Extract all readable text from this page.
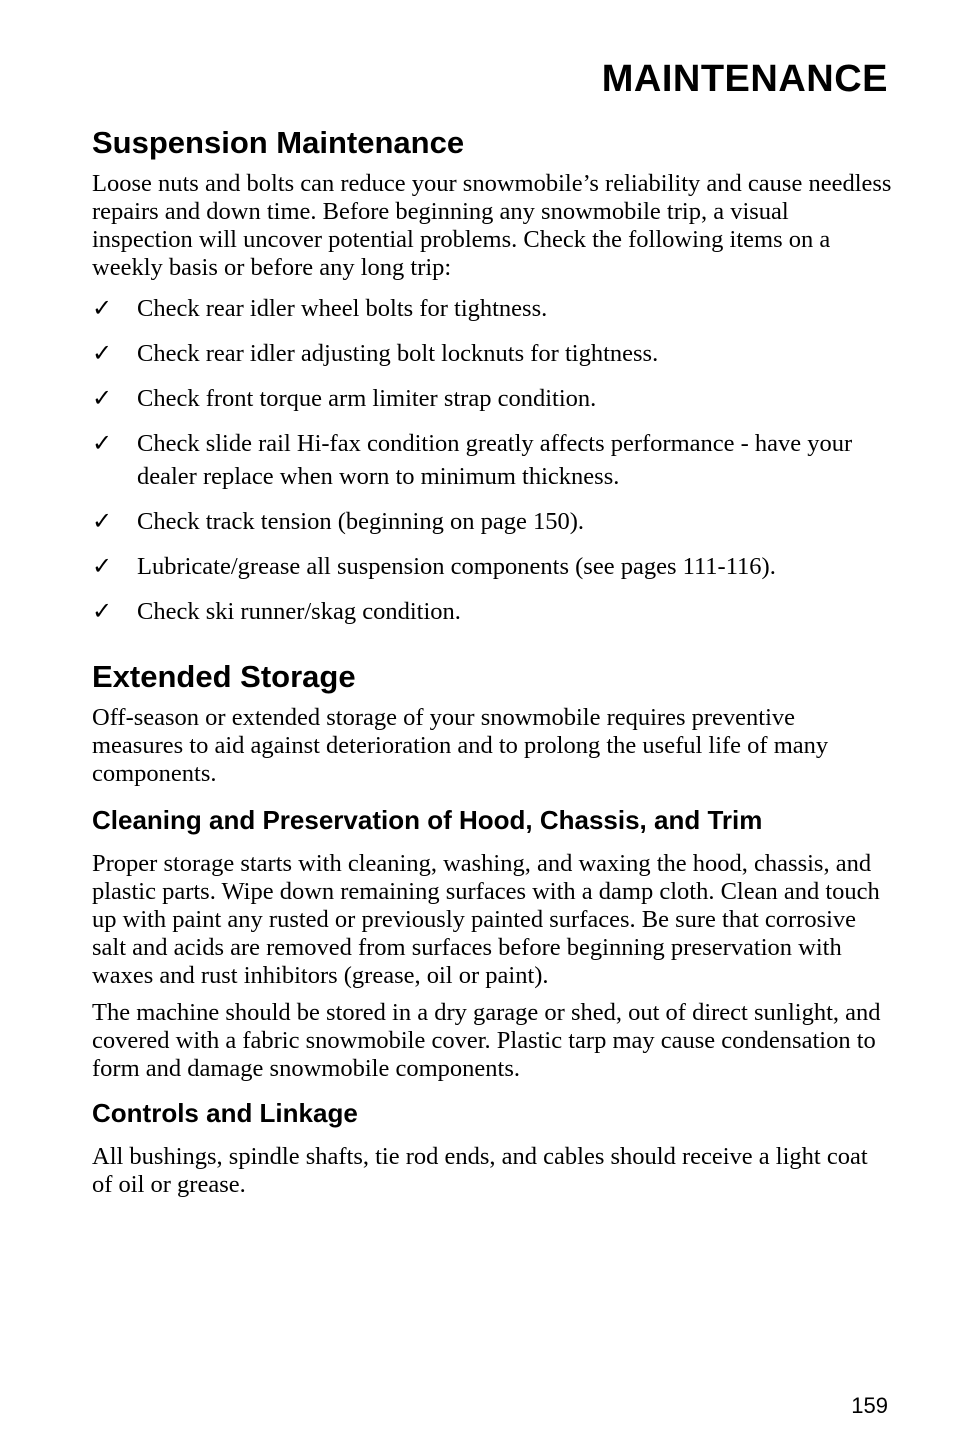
MAINTENANCE
Suspension Maintenance

Loose nuts and bolts can reduce your snowmobile’s reliability and cause needless repairs and down time. Before beginning any snowmobile trip, a visual inspection will uncover potential problems. Check the following items on a weekly basis or before any long trip:

✓ Check rear idler wheel bolts for tightness.
✓ Check rear idler adjusting bolt locknuts for tightness.
✓ Check front torque arm limiter strap condition.
✓ Check slide rail Hi-fax condition greatly affects performance - have your dealer replace when worn to minimum thickness.
✓ Check track tension (beginning on page 150).
✓ Lubricate/grease all suspension components (see pages 111-116).
✓ Check ski runner/skag condition.
Extended Storage

Off-season or extended storage of your snowmobile requires preventive measures to aid against deterioration and to prolong the useful life of many components.

Cleaning and Preservation of Hood, Chassis, and Trim

Proper storage starts with cleaning, washing, and waxing the hood, chassis, and plastic parts. Wipe down remaining surfaces with a damp cloth. Clean and touch up with paint any rusted or previously painted surfaces. Be sure that corrosive salt and acids are removed from surfaces before beginning preservation with waxes and rust inhibitors (grease, oil or paint).

The machine should be stored in a dry garage or shed, out of direct sunlight, and covered with a fabric snowmobile cover. Plastic tarp may cause condensation to form and damage snowmobile components.

Controls and Linkage

All bushings, spindle shafts, tie rod ends, and cables should receive a light coat of oil or grease.

159
